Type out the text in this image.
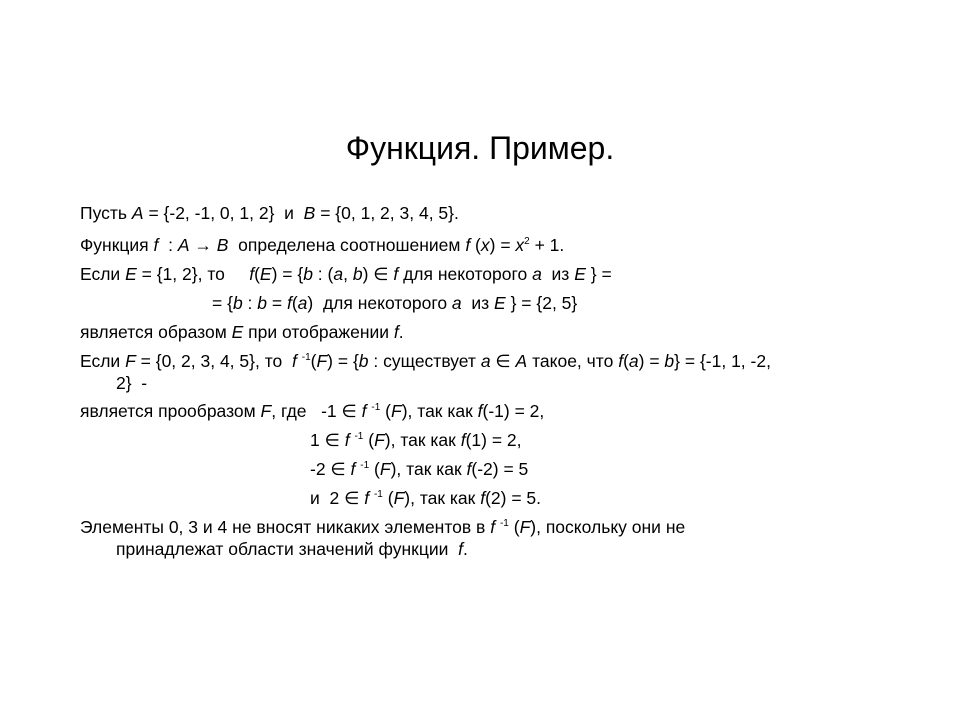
Функция. Пример.
Пусть A = {-2, -1, 0, 1, 2}  и  B = {0, 1, 2, 3, 4, 5}.
Функция f  : A → B  определена соотношением f $(x) = x^2 + 1$.
Если E = {1, 2}, то     f(E) = {b : (a, b) ∈ f для некоторого a  из E } =
= {b : b = f(a)  для некоторого a  из E } = {2, 5}
является образом E при отображении f.
Если F = {0, 2, 3, 4, 5}, то  f $^{-1}$(F) = {b : существует a ∈ A такое, что f(a) = b} = {-1, 1, -2,
2}  -
является прообразом F, где   -1 ∈ f $^{-1}$ (F), так как f(-1) = 2,
1 ∈ f $^{-1}$ (F), так как f(1) = 2,
-2 ∈ f $^{-1}$ (F), так как f(-2) = 5
и  2 ∈ f $^{-1}$ (F), так как f(2) = 5.
Элементы 0, 3 и 4 не вносят никаких элементов в f $^{-1}$ (F), поскольку они не
принадлежат области значений функции  f.
